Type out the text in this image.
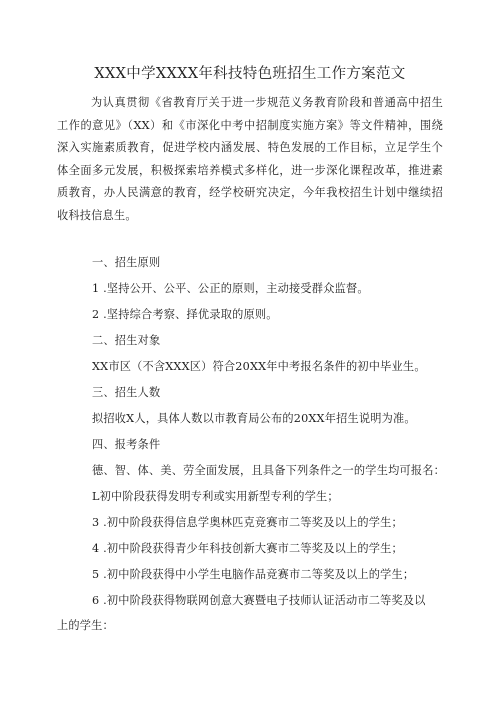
XXX中学XXXX年科技特色班招生工作方案范文

为认真贯彻《省教育厅关于进一步规范义务教育阶段和普通高中招生工作的意见》（XX）和《市深化中考中招制度实施方案》等文件精神，围绕深入实施素质教育，促进学校内涵发展、特色发展的工作目标，立足学生个体全面多元发展，积极探索培养模式多样化，进一步深化课程改革，推进素质教育，办人民满意的教育，经学校研究决定，今年我校招生计划中继续招收科技信息生。

一、招生原则

1 .坚持公开、公平、公正的原则，主动接受群众监督。

2 .坚持综合考察、择优录取的原则。

二、招生对象

XX市区（不含XXX区）符合20XX年中考报名条件的初中毕业生。

三、招生人数

拟招收X人，具体人数以市教育局公布的20XX年招生说明为准。

四、报考条件

德、智、体、美、劳全面发展，且具备下列条件之一的学生均可报名：

L初中阶段获得发明专利或实用新型专利的学生；

3 .初中阶段获得信息学奥林匹克竞赛市二等奖及以上的学生；

4 .初中阶段获得青少年科技创新大赛市二等奖及以上的学生；

5 .初中阶段获得中小学生电脑作品竞赛市二等奖及以上的学生；

6 .初中阶段获得物联网创意大赛暨电子技师认证活动市二等奖及以

上的学生：
